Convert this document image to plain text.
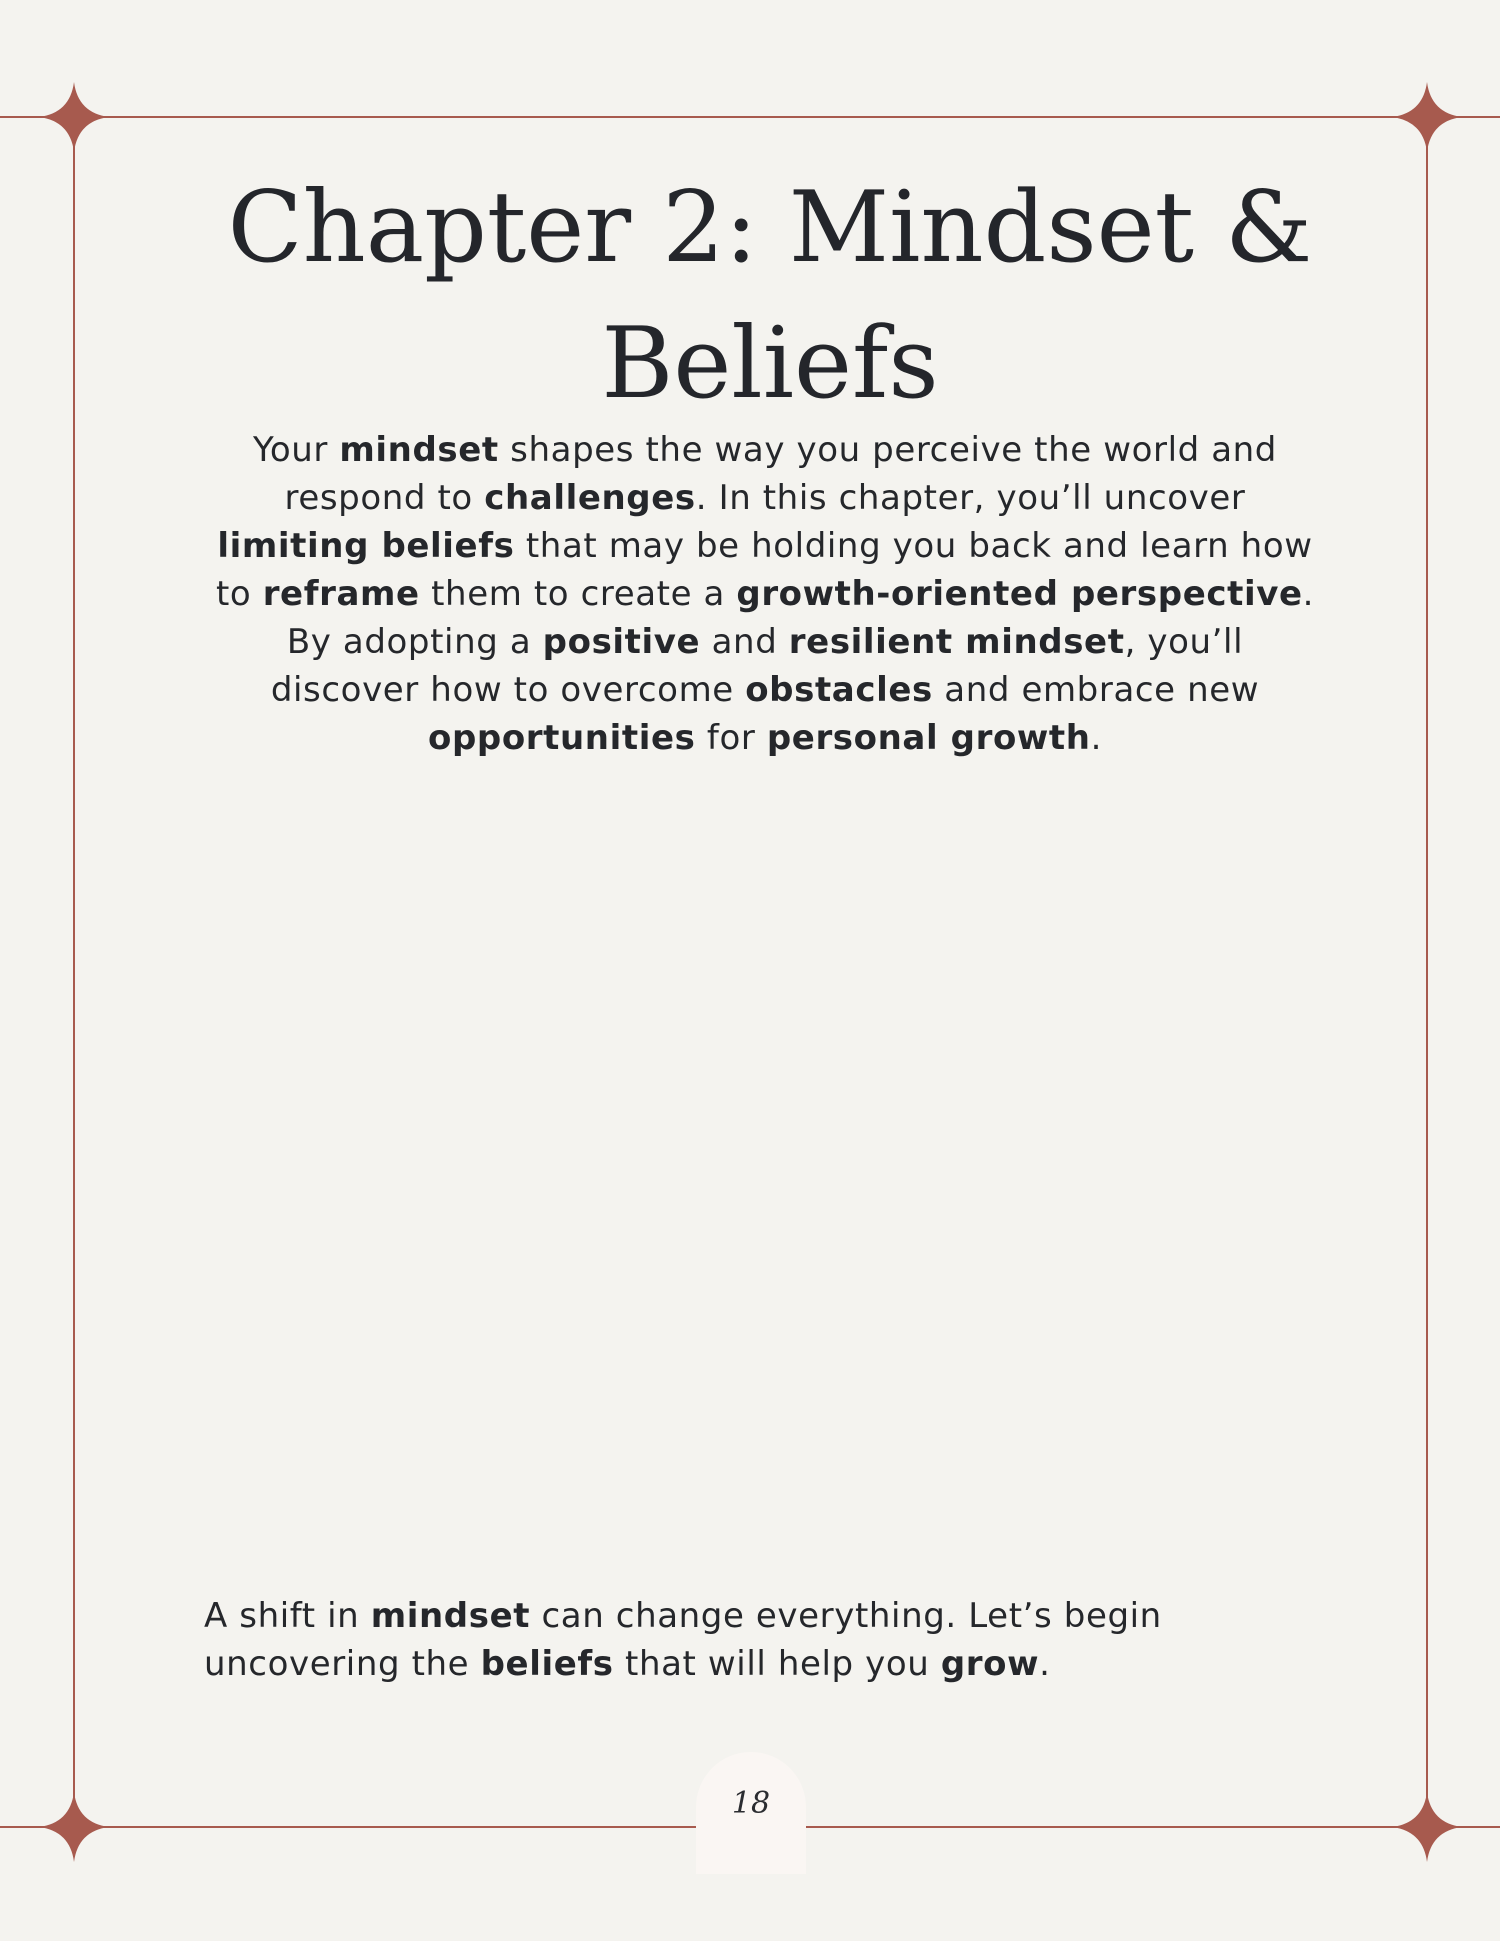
Chapter 2: Mindset &
Beliefs

Your mindset shapes the way you perceive the world and respond to challenges. In this chapter, you’ll uncover limiting beliefs that may be holding you back and learn how to reframe them to create a growth-oriented perspective. By adopting a positive and resilient mindset, you’ll discover how to overcome obstacles and embrace new opportunities for personal growth.

A shift in mindset can change everything. Let’s begin uncovering the beliefs that will help you grow.

18
